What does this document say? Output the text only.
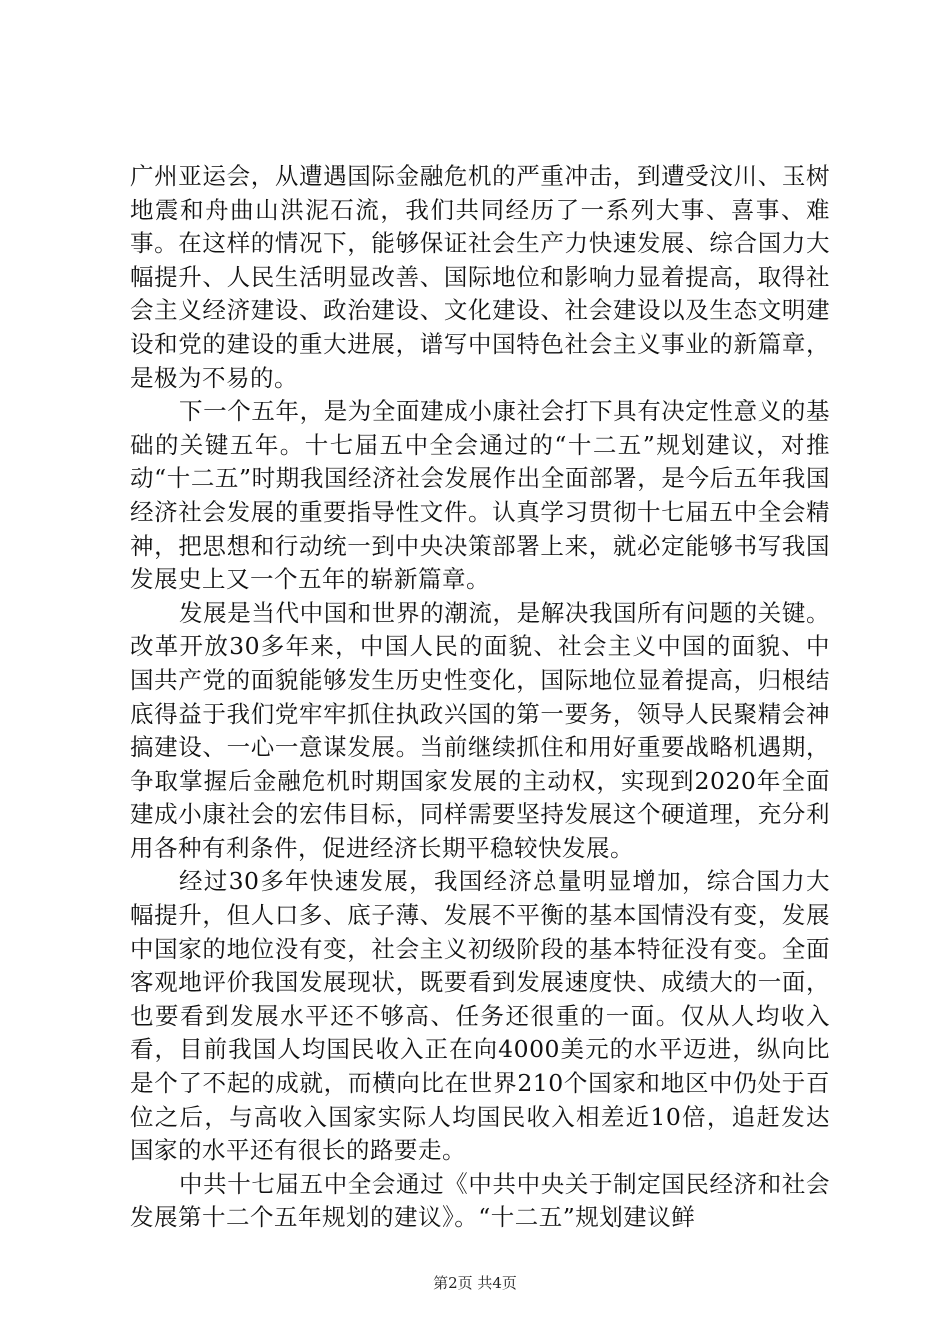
广州亚运会，从遭遇国际金融危机的严重冲击，到遭受汶川、玉树地震和舟曲山洪泥石流，我们共同经历了一系列大事、喜事、难事。在这样的情况下，能够保证社会生产力快速发展、综合国力大幅提升、人民生活明显改善、国际地位和影响力显着提高，取得社会主义经济建设、政治建设、文化建设、社会建设以及生态文明建设和党的建设的重大进展，谱写中国特色社会主义事业的新篇章，是极为不易的。

下一个五年，是为全面建成小康社会打下具有决定性意义的基础的关键五年。十七届五中全会通过的“十二五”规划建议，对推动“十二五”时期我国经济社会发展作出全面部署，是今后五年我国经济社会发展的重要指导性文件。认真学习贯彻十七届五中全会精神，把思想和行动统一到中央决策部署上来，就必定能够书写我国发展史上又一个五年的崭新篇章。

发展是当代中国和世界的潮流，是解决我国所有问题的关键。改革开放30多年来，中国人民的面貌、社会主义中国的面貌、中国共产党的面貌能够发生历史性变化，国际地位显着提高，归根结底得益于我们党牢牢抓住执政兴国的第一要务，领导人民聚精会神搞建设、一心一意谋发展。当前继续抓住和用好重要战略机遇期，争取掌握后金融危机时期国家发展的主动权，实现到2020年全面建成小康社会的宏伟目标，同样需要坚持发展这个硬道理，充分利用各种有利条件，促进经济长期平稳较快发展。

经过30多年快速发展，我国经济总量明显增加，综合国力大幅提升，但人口多、底子薄、发展不平衡的基本国情没有变，发展中国家的地位没有变，社会主义初级阶段的基本特征没有变。全面客观地评价我国发展现状，既要看到发展速度快、成绩大的一面，也要看到发展水平还不够高、任务还很重的一面。仅从人均收入看，目前我国人均国民收入正在向4000美元的水平迈进，纵向比是个了不起的成就，而横向比在世界210个国家和地区中仍处于百位之后，与高收入国家实际人均国民收入相差近10倍，追赶发达国家的水平还有很长的路要走。

中共十七届五中全会通过《中共中央关于制定国民经济和社会发展第十二个五年规划的建议》。“十二五”规划建议鲜

第2页 共4页
